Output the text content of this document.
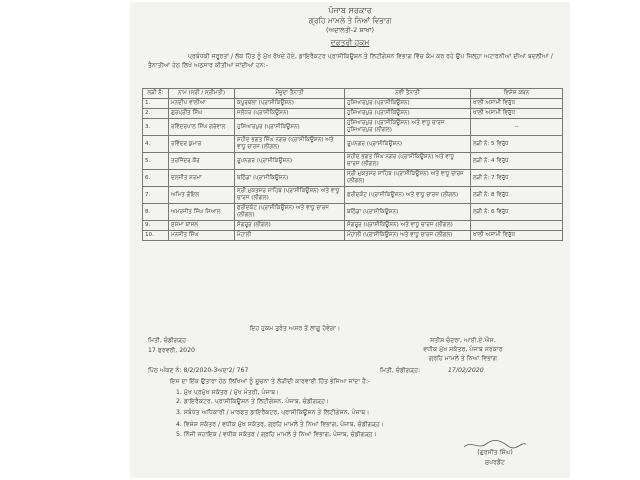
ਪੰਜਾਬ ਸਰਕਾਰ
ਗ੍ਰਹਿ ਮਾਮਲੇ ਤੇ ਨਿਆਂ ਵਿਭਾਗ
(ਅਦਾਲਤੀ-2 ਸ਼ਾਖਾ)
ਦਫ਼ਤਰੀ ਹੁਕਮ
ਪ੍ਰਬੰਧਕੀ ਜਰੂਰਤਾਂ / ਲੋਕ ਹਿੱਤ ਨੂੰ ਮੁੱਖ ਰੱਖਦੇ ਹੋਏ, ਡਾਇਰੈਕਟਰ ਪ੍ਰਾਸੀਕਿਊਸ਼ਨ ਤੇ ਲਿਟੀਗੇਸ਼ਨ ਵਿਭਾਗ ਵਿੱਚ ਕੰਮ ਕਰ ਰਹੇ ਉਪ ਜਿਲ੍ਹਾ ਅਟਾਰਨੀਆਂ ਦੀਆਂ ਬਦਲੀਆਂ / ਤੈਨਾਤੀਆਂ ਹੇਠ ਲਿਖੇ ਅਨੁਸਾਰ ਕੀਤੀਆਂ ਜਾਂਦੀਆਂ ਹਨ:-
ਲੜੀ ਨੰ:	ਨਾਮ (ਸ੍ਰੀ / ਸ੍ਰੀਮਤੀ)	ਮੌਜੂਦਾ ਤੈਨਾਤੀ	ਨਵੀਂ ਤੈਨਾਤੀ	ਵਿਸ਼ੇਸ਼ ਕਥਨ
1.	ਮਨਦੀਪ ਵਾਲੀਆ	ਕਪੂਰਥਲਾ (ਪ੍ਰਾਸੀਕਿਊਸ਼ਨ)	ਹੁਸ਼ਿਆਰਪੁਰ (ਪ੍ਰਾਸੀਕਿਊਸ਼ਨ)	ਖਾਲੀ ਅਸਾਮੀ ਵਿਰੁੱਧ
2.	ਗੁਰਪ੍ਰੀਤ ਸਿੰਘ	ਜਲੰਧਰ (ਪ੍ਰਾਸੀਕਿਊਸ਼ਨ)	ਹੁਸ਼ਿਆਰਪੁਰ (ਪ੍ਰਾਸੀਕਿਊਸ਼ਨ)	ਖਾਲੀ ਅਸਾਮੀ ਵਿਰੁੱਧ
3.	ਰਵਿੰਦਰਪਾਲ ਸਿੰਘ ਗਰੇਵਾਲ	ਹੁਸ਼ਿਆਰਪੁਰ (ਪ੍ਰਾਸੀਕਿਊਸ਼ਨ)	ਹੁਸ਼ਿਆਰਪੁਰ (ਪ੍ਰਾਸੀਕਿਊਸ਼ਨ) ਅਤੇ ਵਾਧੂ ਚਾਰਜ ਹੁਸ਼ਿਆਰਪੁਰ (ਲੀਗਲ)	--
4.	ਰਵਿੰਦਰ ਕੁਮਾਰ	ਸ਼ਹੀਦ ਭਗਤ ਸਿੰਘ ਨਗਰ (ਪ੍ਰਾਸੀਕਿਊਸ਼ਨ) ਅਤੇ ਵਾਧੂ ਚਾਰਜ (ਲੀਗਲ)	ਰੂਪਨਗਰ (ਪ੍ਰਾਸੀਕਿਊਸ਼ਨ)	ਲੜੀ ਨੰ: 5 ਵਿਰੁੱਧ
5.	ਤਰਜਿੰਦਰ ਕੌਰ	ਰੂਪਨਗਰ (ਪ੍ਰਾਸੀਕਿਊਸ਼ਨ)	ਸ਼ਹੀਦ ਭਗਤ ਸਿੰਘ ਨਗਰ (ਪ੍ਰਾਸੀਕਿਊਸ਼ਨ) ਅਤੇ ਵਾਧੂ ਚਾਰਜ (ਲੀਗਲ)	ਲੜੀ ਨੰ: 4 ਵਿਰੁੱਧ
6.	ਦਲਜੀਤ ਸ਼ਰਮਾ	ਬਠਿੰਡਾ (ਪ੍ਰਾਸੀਕਿਊਸ਼ਨ)	ਸ੍ਰੀ ਮੁਕਤਸਰ ਸਾਹਿਬ (ਪ੍ਰਾਸੀਕਿਊਸ਼ਨ) ਅਤੇ ਵਾਧੂ ਚਾਰਜ (ਲੀਗਲ)	ਲੜੀ ਨੰ: 7 ਵਿਰੁੱਧ
7.	ਅਮਿਤ ਗੋਇਲ	ਸ੍ਰੀ ਮੁਕਤਸਰ ਸਾਹਿਬ (ਪ੍ਰਾਸੀਕਿਊਸ਼ਨ) ਅਤੇ ਵਾਧੂ ਚਾਰਜ (ਲੀਗਲ)	ਫਰੀਦਕੋਟ (ਪ੍ਰਾਸੀਕਿਊਸ਼ਨ) ਅਤੇ ਵਾਧੂ ਚਾਰਜ (ਲੀਗਲ)	ਲੜੀ ਨੰ: 8 ਵਿਰੁੱਧ
8.	ਅਮਰਜੀਤ ਸਿੰਘ ਸਿਆਲ	ਫਰੀਦਕੋਟ (ਪ੍ਰਾਸੀਕਿਊਸ਼ਨ) ਅਤੇ ਵਾਧੂ ਚਾਰਜ (ਲੀਗਲ)	ਬਠਿੰਡਾ (ਪ੍ਰਾਸੀਕਿਊਸ਼ਨ)	ਲੜੀ ਨੰ: 6 ਵਿਰੁੱਧ
9.	ਸੁਸ਼ਮਾ ਬਾਂਸਲ	ਸੰਗਰੂਰ (ਲੀਗਲ)	ਸੰਗਰੂਰ (ਪ੍ਰਾਸੀਕਿਊਸ਼ਨ) ਅਤੇ ਵਾਧੂ ਚਾਰਜ (ਲੀਗਲ)	
10.	ਮਨਜੀਤ ਸਿੰਘ	ਮੋਹਾਲੀ	ਮੋਹਾਲੀ (ਪ੍ਰਾਸੀਕਿਊਸ਼ਨ) ਅਤੇ ਵਾਧੂ ਚਾਰਜ (ਲੀਗਲ)	ਖਾਲੀ ਅਸਾਮੀ ਵਿਰੁੱਧ
ਇਹ ਹੁਕਮ ਤੁਰੰਤ ਅਸਰ ਤੋਂ ਲਾਗੂ ਹੋਵੇਗਾ।
ਮਿਤੀ, ਚੰਡੀਗੜ੍ਹ
17 ਫਰਵਰੀ, 2020
ਸਤੀਸ਼ ਚੰਦਰਾ, ਆਈ.ਏ.ਐਸ.
ਵਧੀਕ ਮੁੱਖ ਸਕੱਤਰ, ਪੰਜਾਬ ਸਰਕਾਰ
ਗ੍ਰਹਿ ਮਾਮਲੇ ਤੇ ਨਿਆਂ ਵਿਭਾਗ
ਪਿੱਠ ਅੰਕਣ ਨੰ: 8/2/2020-3ਅਦਾ2/ 767	ਮਿਤੀ, ਚੰਡੀਗੜ੍ਹ:	17/02/2020
ਇਸ ਦਾ ਇੱਕ ਉਤਾਰਾ ਹੇਠ ਲਿਖਿਆਂ ਨੂੰ ਸੂਚਨਾ ਤੇ ਲੋੜੀਂਦੀ ਕਾਰਵਾਈ ਹਿੱਤ ਭੇਜਿਆ ਜਾਂਦਾ ਹੈ:-
1. ਮੁੱਖ ਪ੍ਰਮੁੱਖ ਸਕੱਤਰ / ਮੁੱਖ ਮੰਤਰੀ, ਪੰਜਾਬ।
2. ਡਾਇਰੈਕਟਰ, ਪ੍ਰਾਸੀਕਿਊਸ਼ਨ ਤੇ ਲਿਟੀਗੇਸ਼ਨ, ਪੰਜਾਬ, ਚੰਡੀਗੜ੍ਹ।
3. ਸਬੰਧਤ ਅਧਿਕਾਰੀ / ਮਾਰਫਤ ਡਾਇਰੈਕਟਰ, ਪ੍ਰਾਸੀਕਿਊਸ਼ਨ ਤੇ ਲਿਟੀਗੇਸ਼ਨ, ਪੰਜਾਬ।
4. ਵਿਸ਼ੇਸ਼ ਸਕੱਤਰ / ਵਧੀਕ ਮੁੱਖ ਸਕੱਤਰ, ਗ੍ਰਹਿ ਮਾਮਲੇ ਤੇ ਨਿਆਂ ਵਿਭਾਗ, ਪੰਜਾਬ, ਚੰਡੀਗੜ੍ਹ।
5. ਨਿੱਜੀ ਸਹਾਇਕ / ਵਧੀਕ ਸਕੱਤਰ / ਗ੍ਰਹਿ ਮਾਮਲੇ ਤੇ ਨਿਆਂ ਵਿਭਾਗ, ਪੰਜਾਬ, ਚੰਡੀਗੜ੍ਹ।
(ਗੁਰਜੀਤ ਸਿੰਘ)
ਸੁਪਰਡੈਂਟ
